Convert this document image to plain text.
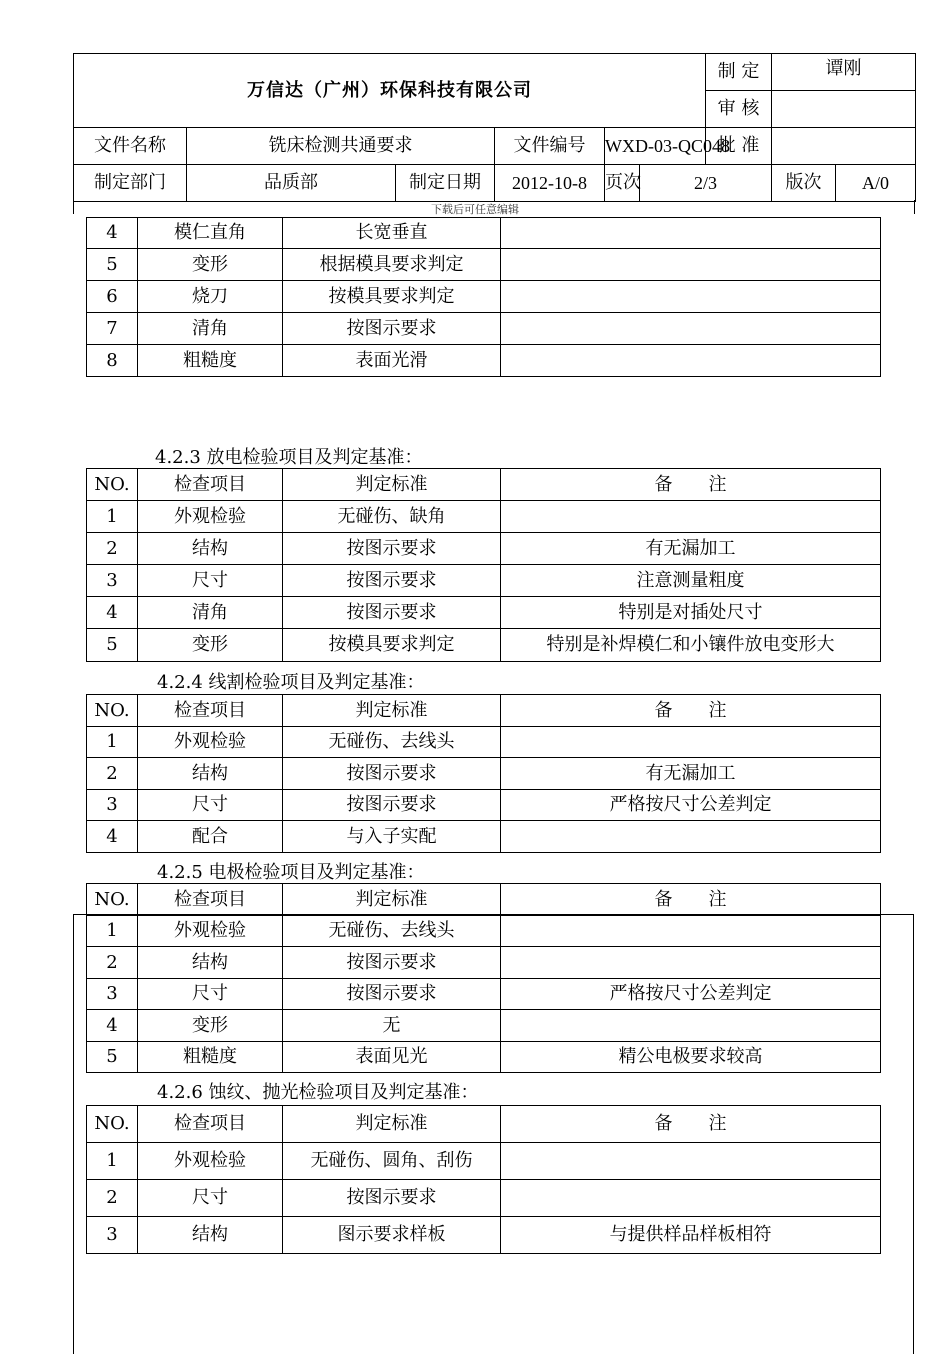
万信达（广州）环保科技有限公司						制 定	谭刚	
						审 核		
文件名称	铣床检测共通要求		文件编号	WXD-03-QC048		批 准		
制定部门	品质部	制定日期	2012-10-8	页次	2/3		版次	A/0
下载后可任意编辑
4	模仁直角	长宽垂直	
5	变形	根据模具要求判定	
6	烧刀	按模具要求判定	
7	清角	按图示要求	
8	粗糙度	表面光滑	
4.2.3 放电检验项目及判定基准：
NO.	检查项目	判定标准	备　　注
1	外观检验	无碰伤、缺角	
2	结构	按图示要求	有无漏加工
3	尺寸	按图示要求	注意测量粗度
4	清角	按图示要求	特别是对插处尺寸
5	变形	按模具要求判定	特别是补焊模仁和小镶件放电变形大
4.2.4 线割检验项目及判定基准：
NO.	检查项目	判定标准	备　　注
1	外观检验	无碰伤、去线头	
2	结构	按图示要求	有无漏加工
3	尺寸	按图示要求	严格按尺寸公差判定
4	配合	与入子实配	
4.2.5 电极检验项目及判定基准：
NO.	检查项目	判定标准	备　　注
1	外观检验	无碰伤、去线头	
2	结构	按图示要求	
3	尺寸	按图示要求	严格按尺寸公差判定
4	变形	无	
5	粗糙度	表面见光	精公电极要求较高
4.2.6 蚀纹、抛光检验项目及判定基准：
NO.	检查项目	判定标准	备　　注
1	外观检验	无碰伤、圆角、刮伤	
2	尺寸	按图示要求	
3	结构	图示要求样板	与提供样品样板相符
